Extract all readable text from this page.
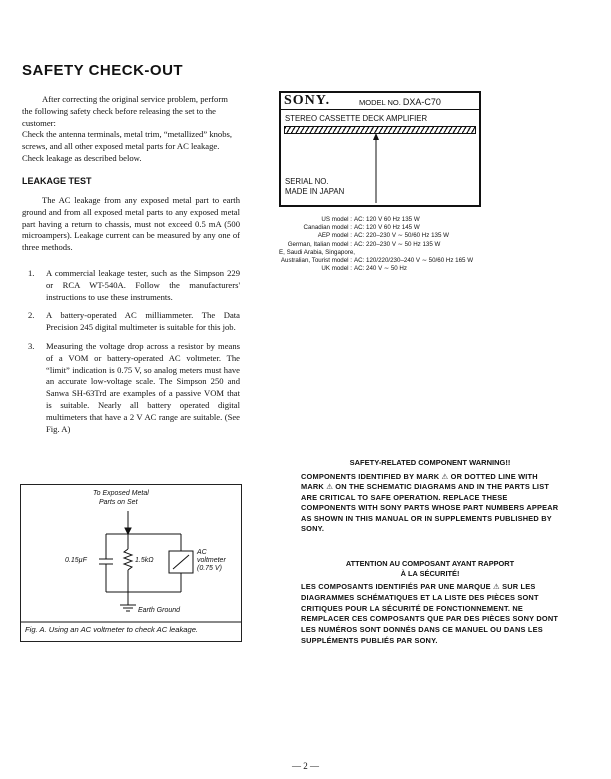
SAFETY CHECK-OUT

After correcting the original service problem, perform the following safety check before releasing the set to the customer:

Check the antenna terminals, metal trim, “metallized” knobs, screws, and all other exposed metal parts for AC leakage. Check leakage as described below.

LEAKAGE TEST

The AC leakage from any exposed metal part to earth ground and from all exposed metal parts to any exposed metal part having a return to chassis, must not exceed 0.5 mA (500 microampers). Leakage current can be measured by any one of three methods.

1. A commercial leakage tester, such as the Simpson 229 or RCA WT-540A. Follow the manufacturers' instructions to use these instruments.
2. A battery-operated AC milliammeter. The Data Precision 245 digital multimeter is suitable for this job.
3. Measuring the voltage drop across a resistor by means of a VOM or battery-operated AC voltmeter. The “limit” indication is 0.75 V, so analog meters must have an accurate low-voltage scale. The Simpson 250 and Sanwa SH-63Trd are examples of a passive VOM that is suitable. Nearly all battery operated digital multimeters that have a 2 V AC range are suitable. (See Fig. A)
To Exposed Metal
Parts on Set
0.15µF	1.5kΩ
AC
voltmeter
(0.75 V)
Earth Ground
Fig. A. Using an AC voltmeter to check AC leakage.
SONY.	MODEL NO. DXA-C70
STEREO CASSETTE DECK AMPLIFIER
SERIAL NO.
MADE IN JAPAN
US model : AC: 120 V 60 Hz 135 W
Canadian model : AC: 120 V 60 Hz 145 W
AEP model : AC: 220–230 V ∼ 50/60 Hz 135 W
German, Italian model : AC: 220–230 V ∼ 50 Hz 135 W
E, Saudi Arabia, Singapore,
Australian, Tourist model : AC: 120/220/230–240 V ∼ 50/60 Hz 165 W
UK model : AC: 240 V ∼ 50 Hz
SAFETY-RELATED COMPONENT WARNING!!
COMPONENTS IDENTIFIED BY MARK ⚠ OR DOTTED LINE WITH MARK ⚠ ON THE SCHEMATIC DIAGRAMS AND IN THE PARTS LIST ARE CRITICAL TO SAFE OPERATION. REPLACE THESE COMPONENTS WITH SONY PARTS WHOSE PART NUMBERS APPEAR AS SHOWN IN THIS MANUAL OR IN SUPPLEMENTS PUBLISHED BY SONY.
ATTENTION AU COMPOSANT AYANT RAPPORT
À LA SÉCURITÉ!
LES COMPOSANTS IDENTIFIÉS PAR UNE MARQUE ⚠ SUR LES DIAGRAMMES SCHÉMATIQUES ET LA LISTE DES PIÈCES SONT CRITIQUES POUR LA SÉCURITÉ DE FONCTIONNEMENT. NE REMPLACER CES COMPOSANTS QUE PAR DES PIÈCES SONY DONT LES NUMÉROS SONT DONNÉS DANS CE MANUEL OU DANS LES SUPPLÉMENTS PUBLIÉS PAR SONY.
— 2 —
